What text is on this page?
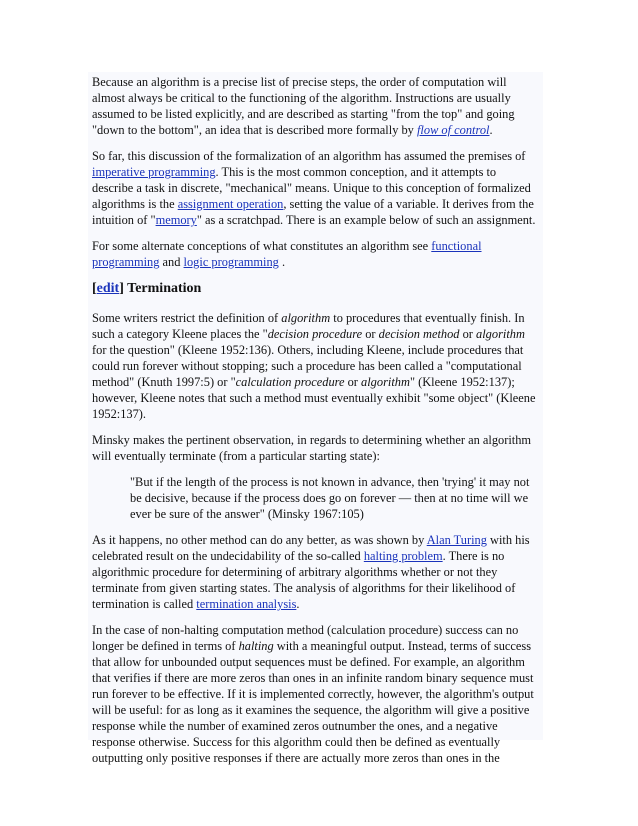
Because an algorithm is a precise list of precise steps, the order of computation will almost always be critical to the functioning of the algorithm. Instructions are usually assumed to be listed explicitly, and are described as starting "from the top" and going "down to the bottom", an idea that is described more formally by flow of control.

So far, this discussion of the formalization of an algorithm has assumed the premises of imperative programming. This is the most common conception, and it attempts to describe a task in discrete, "mechanical" means. Unique to this conception of formalized algorithms is the assignment operation, setting the value of a variable. It derives from the intuition of "memory" as a scratchpad. There is an example below of such an assignment.

For some alternate conceptions of what constitutes an algorithm see functional programming and logic programming .

[edit] Termination

Some writers restrict the definition of algorithm to procedures that eventually finish. In such a category Kleene places the "decision procedure or decision method or algorithm for the question" (Kleene 1952:136). Others, including Kleene, include procedures that could run forever without stopping; such a procedure has been called a "computational method" (Knuth 1997:5) or "calculation procedure or algorithm" (Kleene 1952:137); however, Kleene notes that such a method must eventually exhibit "some object" (Kleene 1952:137).

Minsky makes the pertinent observation, in regards to determining whether an algorithm will eventually terminate (from a particular starting state):

"But if the length of the process is not known in advance, then 'trying' it may not be decisive, because if the process does go on forever — then at no time will we ever be sure of the answer" (Minsky 1967:105)

As it happens, no other method can do any better, as was shown by Alan Turing with his celebrated result on the undecidability of the so-called halting problem. There is no algorithmic procedure for determining of arbitrary algorithms whether or not they terminate from given starting states. The analysis of algorithms for their likelihood of termination is called termination analysis.

In the case of non-halting computation method (calculation procedure) success can no longer be defined in terms of halting with a meaningful output. Instead, terms of success that allow for unbounded output sequences must be defined. For example, an algorithm that verifies if there are more zeros than ones in an infinite random binary sequence must run forever to be effective. If it is implemented correctly, however, the algorithm's output will be useful: for as long as it examines the sequence, the algorithm will give a positive response while the number of examined zeros outnumber the ones, and a negative response otherwise. Success for this algorithm could then be defined as eventually outputting only positive responses if there are actually more zeros than ones in the
